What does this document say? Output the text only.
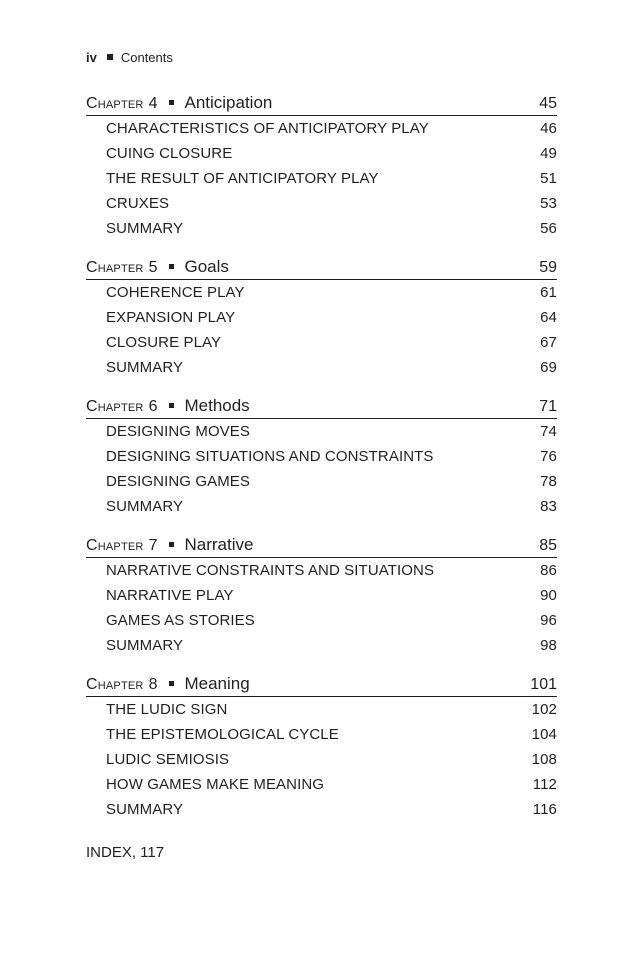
iv Contents
Chapter 4 Anticipation	45
CHARACTERISTICS OF ANTICIPATORY PLAY	46
CUING CLOSURE	49
THE RESULT OF ANTICIPATORY PLAY	51
CRUXES	53
SUMMARY	56
Chapter 5 Goals	59
COHERENCE PLAY	61
EXPANSION PLAY	64
CLOSURE PLAY	67
SUMMARY	69
Chapter 6 Methods	71
DESIGNING MOVES	74
DESIGNING SITUATIONS AND CONSTRAINTS	76
DESIGNING GAMES	78
SUMMARY	83
Chapter 7 Narrative	85
NARRATIVE CONSTRAINTS AND SITUATIONS	86
NARRATIVE PLAY	90
GAMES AS STORIES	96
SUMMARY	98
Chapter 8 Meaning	101
THE LUDIC SIGN	102
THE EPISTEMOLOGICAL CYCLE	104
LUDIC SEMIOSIS	108
HOW GAMES MAKE MEANING	112
SUMMARY	116
INDEX, 117
